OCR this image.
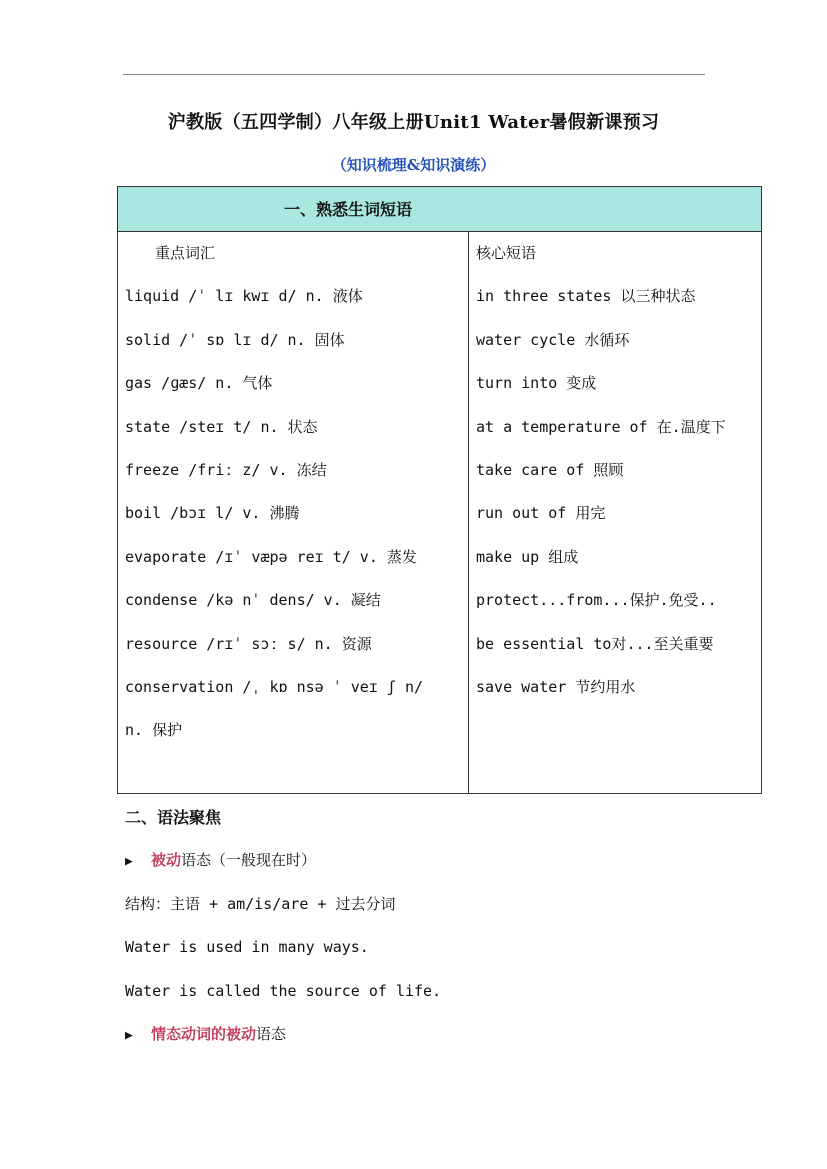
沪教版（五四学制）八年级上册Unit1 Water暑假新课预习
（知识梳理&知识演练）
一、熟悉生词短语
重点词汇
liquid /ˈ lɪ kwɪ d/ n. 液体
solid /ˈ sɒ lɪ d/ n. 固体
gas /ɡæs/ n. 气体
state /steɪ t/ n. 状态
freeze /friː z/ v. 冻结
boil /bɔɪ l/ v. 沸腾
evaporate /ɪˈ væpə reɪ t/ v. 蒸发
condense /kə nˈ dens/ v. 凝结
resource /rɪˈ sɔː s/ n. 资源
conservation /ˌ kɒ nsə ˈ veɪ ʃ n/
n. 保护
核心短语
in three states 以三种状态
water cycle 水循环
turn into 变成
at a temperature of 在.温度下
take care of 照顾
run out of 用完
make up 组成
protect...from...保护.免受..
be essential to对...至关重要
save water 节约用水
二、语法聚焦
▶ 被动语态（一般现在时）
结构：主语 + am/is/are + 过去分词
Water is used in many ways.
Water is called the source of life.
▶ 情态动词的被动语态
